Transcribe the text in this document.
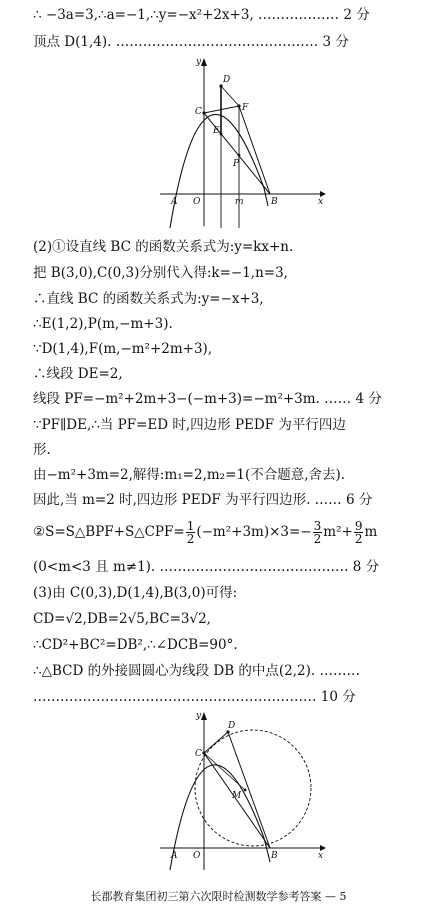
∴ −3a=3,∴a=−1,∴y=−x²+2x+3, ……………… 2 分
顶点 D(1,4). ……………………………………… 3 分
y
x
D
C	F
E
P
A O	m	B
(2)①设直线 BC 的函数关系式为:y=kx+n.
把 B(3,0),C(0,3)分别代入得:k=−1,n=3,
∴直线 BC 的函数关系式为:y=−x+3,
∴E(1,2),P(m,−m+3).
∵D(1,4),F(m,−m²+2m+3),
∴线段 DE=2,
线段 PF=−m²+2m+3−(−m+3)=−m²+3m. …… 4 分
∵PF∥DE,∴当 PF=ED 时,四边形 PEDF 为平行四边
形.
由−m²+3m=2,解得:m₁=2,m₂=1(不合题意,舍去).
因此,当 m=2 时,四边形 PEDF 为平行四边形. …… 6 分
②S=S△BPF+S△CPF= $\frac{1}{2} (-m^2+3m)\times 3=- \frac{3}{2} m^2+ \frac{9}{2}$ m
(0<m<3 且 m≠1). …………………………………… 8 分
(3)由 C(0,3),D(1,4),B(3,0)可得:
CD=√2,DB=2√5,BC=3√2,
∴CD²+BC²=DB²,∴∠DCB=90°.
∴△BCD 的外接圆圆心为线段 DB 的中点(2,2). ………
……………………………………………………… 10 分
y
x
D
C
M
A O	B
长郡教育集团初三第六次限时检测数学参考答案 — 5
